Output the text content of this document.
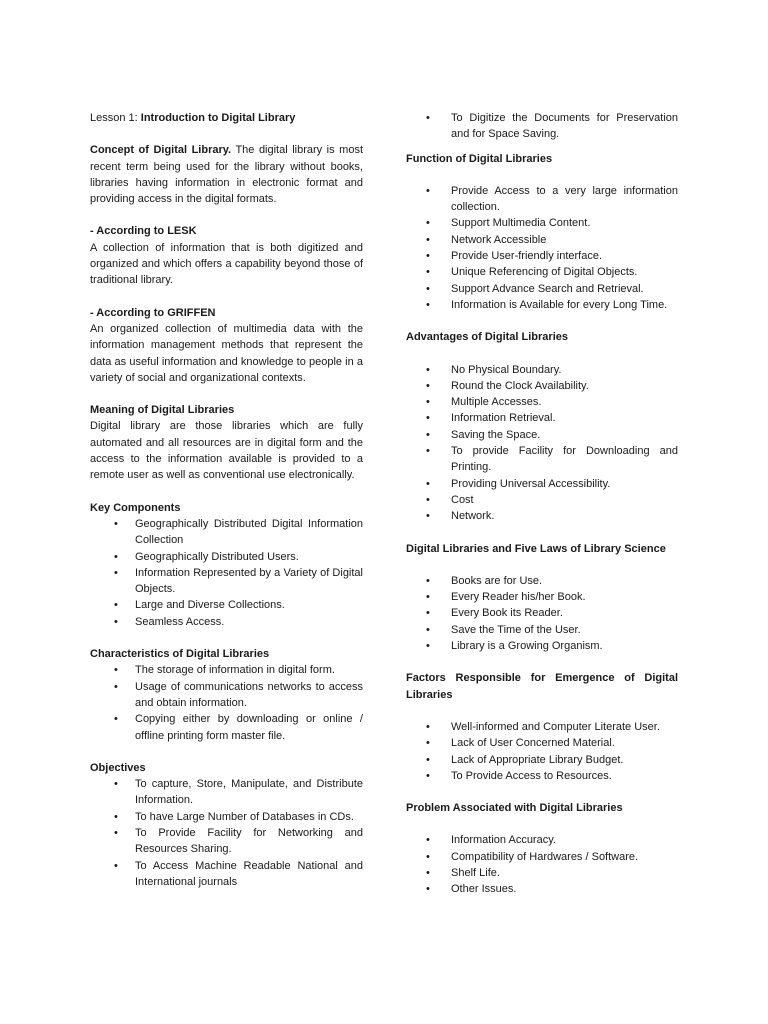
Lesson 1: Introduction to Digital Library

Concept of Digital Library. The digital library is most recent term being used for the library without books, libraries having information in electronic format and providing access in the digital formats.

- According to LESK

A collection of information that is both digitized and organized and which offers a capability beyond those of traditional library.

- According to GRIFFEN

An organized collection of multimedia data with the information management methods that represent the data as useful information and knowledge to people in a variety of social and organizational contexts.

Meaning of Digital Libraries

Digital library are those libraries which are fully automated and all resources are in digital form and the access to the information available is provided to a remote user as well as conventional use electronically.

Key Components

• Geographically Distributed Digital Information Collection
• Geographically Distributed Users.
• Information Represented by a Variety of Digital Objects.
• Large and Diverse Collections.
• Seamless Access.

Characteristics of Digital Libraries

• The storage of information in digital form.
• Usage of communications networks to access and obtain information.
• Copying either by downloading or online / offline printing form master file.

Objectives

• To capture, Store, Manipulate, and Distribute Information.
• To have Large Number of Databases in CDs.
• To Provide Facility for Networking and Resources Sharing.
• To Access Machine Readable National and International journals
• To Digitize the Documents for Preservation and for Space Saving.

Function of Digital Libraries

• Provide Access to a very large information collection.
• Support Multimedia Content.
• Network Accessible
• Provide User-friendly interface.
• Unique Referencing of Digital Objects.
• Support Advance Search and Retrieval.
• Information is Available for every Long Time.

Advantages of Digital Libraries

• No Physical Boundary.
• Round the Clock Availability.
• Multiple Accesses.
• Information Retrieval.
• Saving the Space.
• To provide Facility for Downloading and Printing.
• Providing Universal Accessibility.
• Cost
• Network.

Digital Libraries and Five Laws of Library Science

• Books are for Use.
• Every Reader his/her Book.
• Every Book its Reader.
• Save the Time of the User.
• Library is a Growing Organism.

Factors Responsible for Emergence of Digital Libraries

• Well-informed and Computer Literate User.
• Lack of User Concerned Material.
• Lack of Appropriate Library Budget.
• To Provide Access to Resources.

Problem Associated with Digital Libraries

• Information Accuracy.
• Compatibility of Hardwares / Software.
• Shelf Life.
• Other Issues.
